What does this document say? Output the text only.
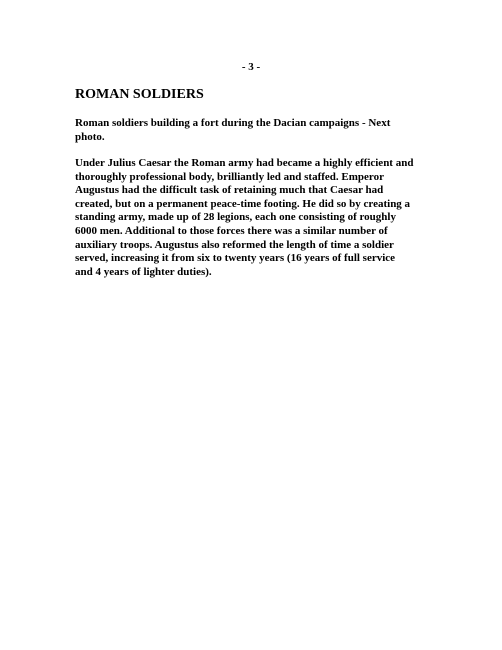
- 3 -
ROMAN SOLDIERS

Roman soldiers building a fort during the Dacian campaigns - Next
photo.

Under Julius Caesar the Roman army had became a highly efficient and
thoroughly professional body, brilliantly led and staffed. Emperor
Augustus had the difficult task of retaining much that Caesar had
created, but on a permanent peace-time footing. He did so by creating a
standing army, made up of 28 legions, each one consisting of roughly
6000 men. Additional to those forces there was a similar number of
auxiliary troops. Augustus also reformed the length of time a soldier
served, increasing it from six to twenty years (16 years of full service
and 4 years of lighter duties).
